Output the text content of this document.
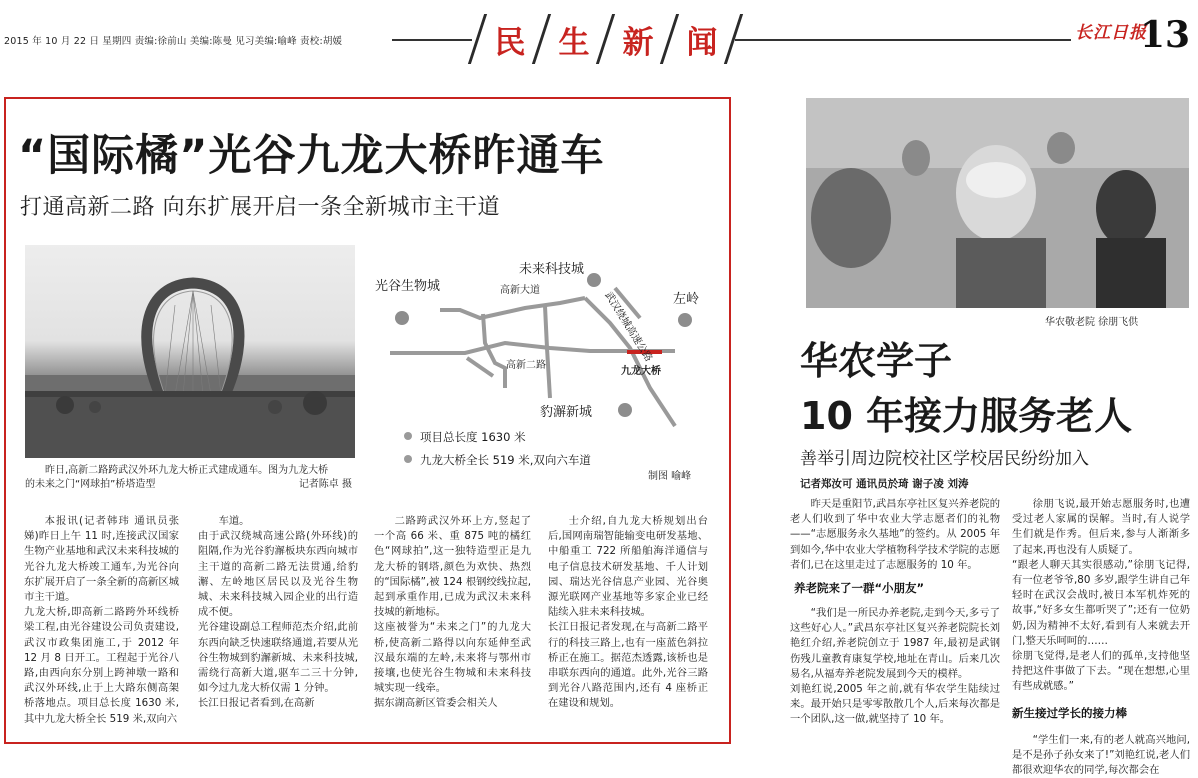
2015 年 10 月 22 日 星期四 责编:徐前山 美编:陈曼 见习美编:喻峰 责校:胡媛	民	生	新	闻	长江日报
13
“国际橘”光谷九龙大桥昨通车
打通高新二路 向东扩展开启一条全新城市主干道
昨日,高新二路跨武汉外环九龙大桥正式建成通车。图为九龙大桥
的未来之门“网球拍”桥塔造型	记者陈卓 摄
光谷生物城
未来科技城
左岭
高新大道
高新二路
九龙大桥
豹澥新城
武汉绕城高速公路
项目总长度 1630 米
九龙大桥全长 519 米,双向六车道
制图 喻峰
本报讯(记者韩玮 通讯员张娣)昨日上午 11 时,连接武汉国家生物产业基地和武汉未来科技城的光谷九龙大桥竣工通车,为光谷向东扩展开启了一条全新的高新区城市主干道。
九龙大桥,即高新二路跨外环线桥梁工程,由光谷建设公司负责建设,武汉市政集团施工,于 2012 年 12 月 8 日开工。工程起于光谷八路,由西向东分别上跨神墩一路和武汉外环线,止于上大路东侧高架桥落地点。项目总长度 1630 米,其中九龙大桥全长 519 米,双向六
车道。
由于武汉绕城高速公路(外环线)的阻隔,作为光谷豹澥板块东西向城市主干道的高新二路无法贯通,给豹澥、左岭地区居民以及光谷生物城、未来科技城入园企业的出行造成不便。
光谷建设副总工程师范杰介绍,此前东西向缺乏快速联络通道,若要从光谷生物城到豹澥新城、未来科技城,需绕行高新大道,驱车二三十分钟,如今过九龙大桥仅需 1 分钟。
长江日报记者看到,在高新
二路跨武汉外环上方,竖起了一个高 66 米、重 875 吨的橘红色“网球拍”,这一独特造型正是九龙大桥的钢塔,颜色为欢快、热烈的“国际橘”,被 124 根钢绞线拉起,起到承重作用,已成为武汉未来科技城的新地标。
这座被誉为“未来之门”的九龙大桥,使高新二路得以向东延伸至武汉最东端的左岭,未来将与鄂州市接壤,也使光谷生物城和未来科技城实现一线牵。
据东湖高新区管委会相关人
士介绍,自九龙大桥规划出台后,国网南瑞智能输变电研发基地、中船重工 722 所船舶海洋通信与电子信息技术研发基地、千人计划园、瑞达光谷信息产业园、光谷奥源光联网产业基地等多家企业已经陆续入驻未来科技城。
长江日报记者发现,在与高新二路平行的科技三路上,也有一座蓝色斜拉桥正在施工。据范杰透露,该桥也是串联东西向的通道。此外,光谷三路到光谷八路范围内,还有 4 座桥正在建设和规划。
华农敬老院 徐朋飞供
华农学子
10 年接力服务老人
善举引周边院校社区学校居民纷纷加入
记者郑汝可 通讯员於琦 谢子凌 刘涛
昨天是重阳节,武昌东亭社区复兴养老院的老人们收到了华中农业大学志愿者们的礼物——“志愿服务永久基地”的签约。从 2005 年到如今,华中农业大学植物科学技术学院的志愿者们,已在这里走过了志愿服务的 10 年。
养老院来了一群“小朋友”
“我们是一所民办养老院,走到今天,多亏了这些好心人。”武昌东亭社区复兴养老院院长刘艳红介绍,养老院创立于 1987 年,最初是武钢伤残儿童教育康复学校,地址在青山。后来几次易名,从福寿养老院发展到今天的模样。
刘艳红说,2005 年之前,就有华农学生陆续过来。最开始只是零零散散几个人,后来每次都是一个团队,这一做,就坚持了 10 年。
徐朋飞说,最开始志愿服务时,也遭受过老人家属的误解。当时,有人说学生们就是作秀。但后来,参与人渐渐多了起来,再也没有人质疑了。
“跟老人聊天其实很感动,”徐朋飞记得,有一位老爷爷,80 多岁,跟学生讲自己年轻时在武汉会战时,被日本军机炸死的故事,“好多女生都听哭了”;还有一位奶奶,因为精神不太好,看到有人来就去开门,整天乐呵呵的……
徐朋飞觉得,是老人们的孤单,支持他坚持把这件事做了下去。“现在想想,心里有些成就感。”
新生接过学长的接力棒
“学生们一来,有的老人就高兴地问,是不是孙子孙女来了!”刘艳红说,老人们都很欢迎华农的同学,每次都会在
